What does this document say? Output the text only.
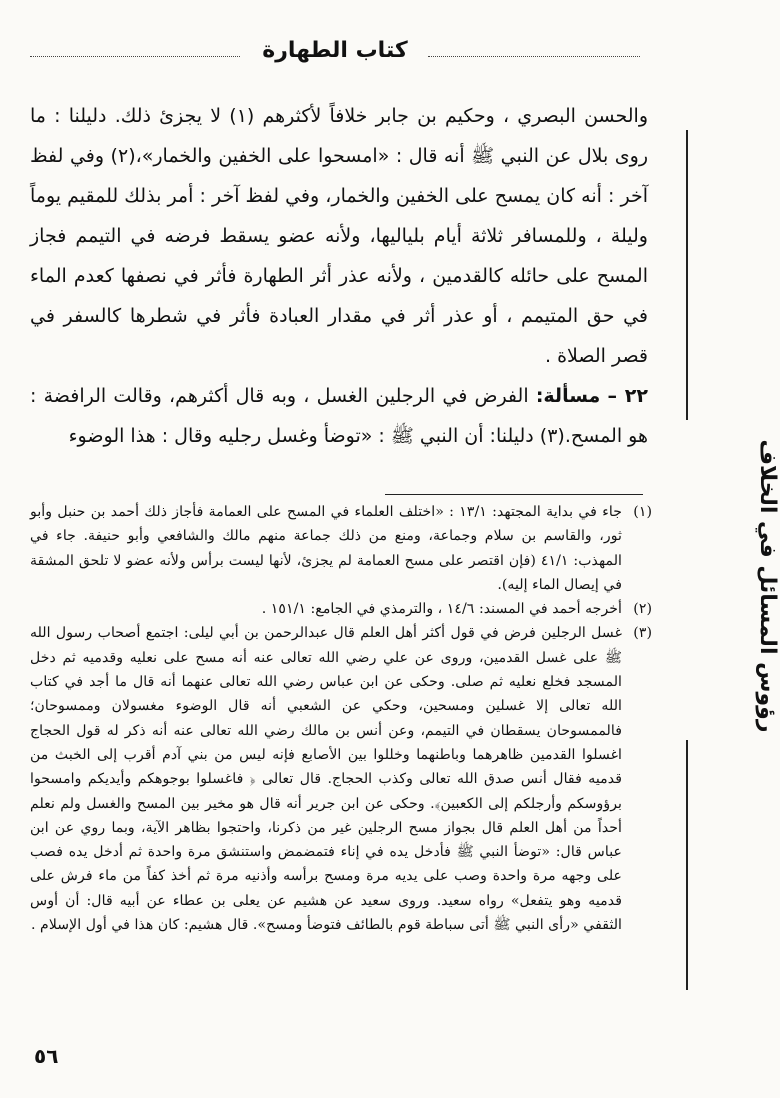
كتاب الطهارة
رؤوس المسائل في الخلاف

والحسن البصري ، وحكيم بن جابر خلافاً لأكثرهم (١) لا يجزئ ذلك. دليلنا : ما روى بلال عن النبي ﷺ أنه قال : «امسحوا على الخفين والخمار»،(٢) وفي لفظ آخر : أنه كان يمسح على الخفين والخمار، وفي لفظ آخر : أمر بذلك للمقيم يوماً وليلة ، وللمسافر ثلاثة أيام بلياليها، ولأنه عضو يسقط فرضه في التيمم فجاز المسح على حائله كالقدمين ، ولأنه عذر أثر الطهارة فأثر في نصفها كعدم الماء في حق المتيمم ، أو عذر أثر في مقدار العبادة فأثر في شطرها كالسفر في قصر الصلاة .

٢٢ – مسألة: الفرض في الرجلين الغسل ، وبه قال أكثرهم، وقالت الرافضة : هو المسح.(٣) دليلنا: أن النبي ﷺ : «توضأ وغسل رجليه وقال : هذا الوضوء

(١)
جاء في بداية المجتهد: ١٣/١ : «اختلف العلماء في المسح على العمامة فأجاز ذلك أحمد بن حنبل وأبو ثور، والقاسم بن سلام وجماعة، ومنع من ذلك جماعة منهم مالك والشافعي وأبو حنيفة. جاء في المهذب: ٤١/١ (فإن اقتصر على مسح العمامة لم يجزئ، لأنها ليست برأس ولأنه عضو لا تلحق المشقة في إيصال الماء إليه).

(٢)
أخرجه أحمد في المسند: ١٤/٦ ، والترمذي في الجامع: ١٥١/١ .

(٣)
غسل الرجلين فرض في قول أكثر أهل العلم قال عبدالرحمن بن أبي ليلى: اجتمع أصحاب رسول الله ﷺ على غسل القدمين، وروى عن علي رضي الله تعالى عنه أنه مسح على نعليه وقدميه ثم دخل المسجد فخلع نعليه ثم صلى. وحكى عن ابن عباس رضي الله تعالى عنهما أنه قال ما أجد في كتاب الله تعالى إلا غسلين ومسحين، وحكي عن الشعبي أنه قال الوضوء مغسولان وممسوحان؛ فالممسوحان يسقطان في التيمم، وعن أنس بن مالك رضي الله تعالى عنه أنه ذكر له قول الحجاج اغسلوا القدمين ظاهرهما وباطنهما وخللوا بين الأصابع فإنه ليس من بني آدم أقرب إلى الخبث من قدميه فقال أنس صدق الله تعالى وكذب الحجاج. قال تعالى ﴿ فاغسلوا بوجوهكم وأيديكم وامسحوا برؤوسكم وأرجلكم إلى الكعبين﴾. وحكى عن ابن جرير أنه قال هو مخير بين المسح والغسل ولم نعلم أحداً من أهل العلم قال بجواز مسح الرجلين غير من ذكرنا، واحتجوا بظاهر الآية، وبما روي عن ابن عباس قال: «توضأ النبي ﷺ فأدخل يده في إناء فتمضمض واستنشق مرة واحدة ثم أدخل يده فصب على وجهه مرة واحدة وصب على يديه مرة ومسح برأسه وأذنيه مرة ثم أخذ كفاً من ماء فرش على قدميه وهو يتفعل» رواه سعيد. وروى سعيد عن هشيم عن يعلى بن عطاء عن أبيه قال: أن أوس الثقفي «رأى النبي ﷺ أتى سباطة قوم بالطائف فتوضأ ومسح». قال هشيم: كان هذا في أول الإسلام .

٥٦
